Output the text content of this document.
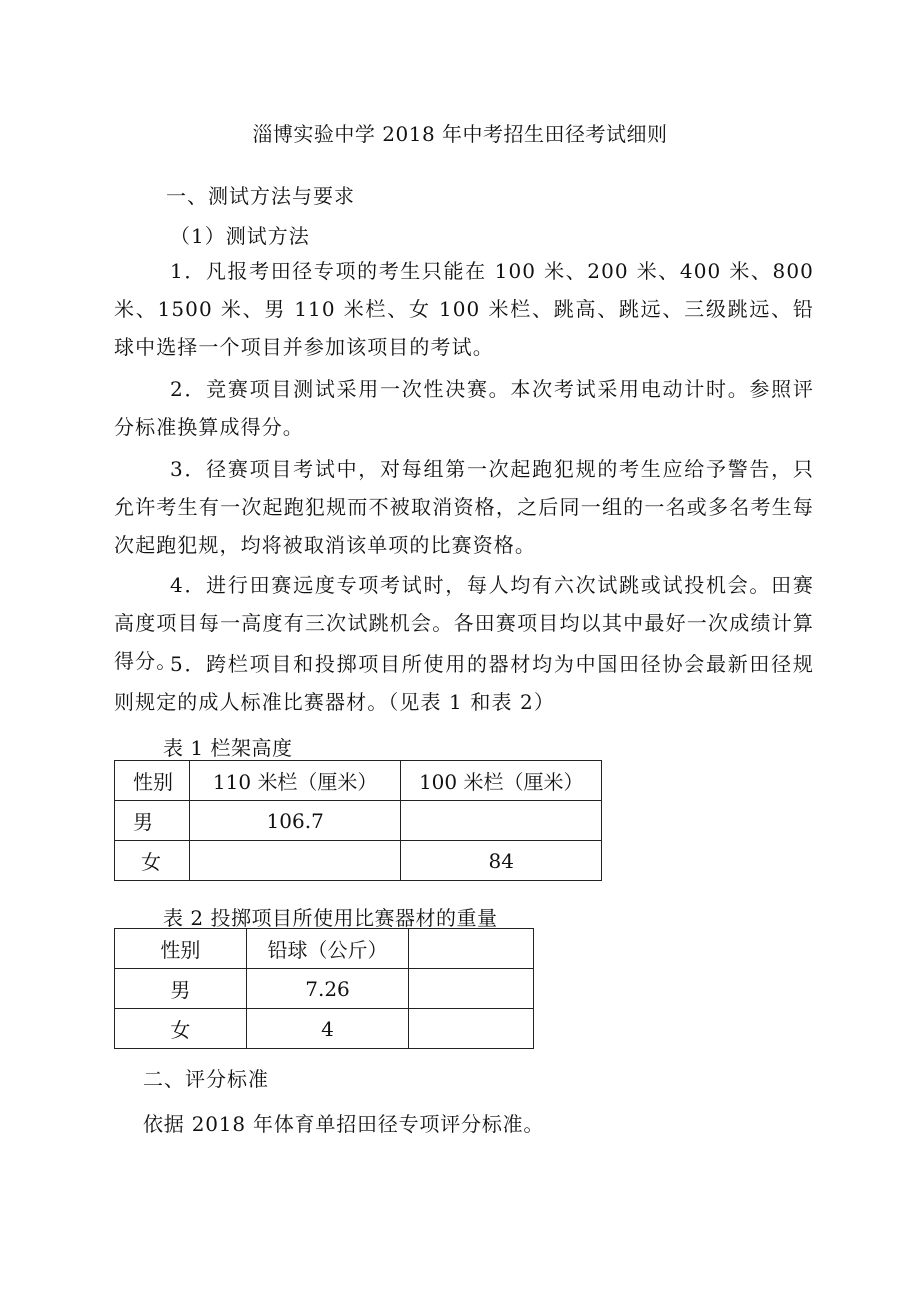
淄博实验中学 2018 年中考招生田径考试细则
一、测试方法与要求
（1）测试方法
1．凡报考田径专项的考生只能在 100 米、200 米、400 米、800 米、1500 米、男 110 米栏、女 100 米栏、跳高、跳远、三级跳远、铅球中选择一个项目并参加该项目的考试。
2．竞赛项目测试采用一次性决赛。本次考试采用电动计时。参照评分标准换算成得分。
3．径赛项目考试中，对每组第一次起跑犯规的考生应给予警告，只允许考生有一次起跑犯规而不被取消资格，之后同一组的一名或多名考生每次起跑犯规，均将被取消该单项的比赛资格。
4．进行田赛远度专项考试时，每人均有六次试跳或试投机会。田赛高度项目每一高度有三次试跳机会。各田赛项目均以其中最好一次成绩计算得分。
5．跨栏项目和投掷项目所使用的器材均为中国田径协会最新田径规则规定的成人标准比赛器材。（见表 1 和表 2）
表 1 栏架高度
性别	110 米栏（厘米）	100 米栏（厘米）
男	106.7	
女		84
表 2 投掷项目所使用比赛器材的重量
性别	铅球（公斤）	
男	7.26	
女	4	
二、评分标准
依据 2018 年体育单招田径专项评分标准。
